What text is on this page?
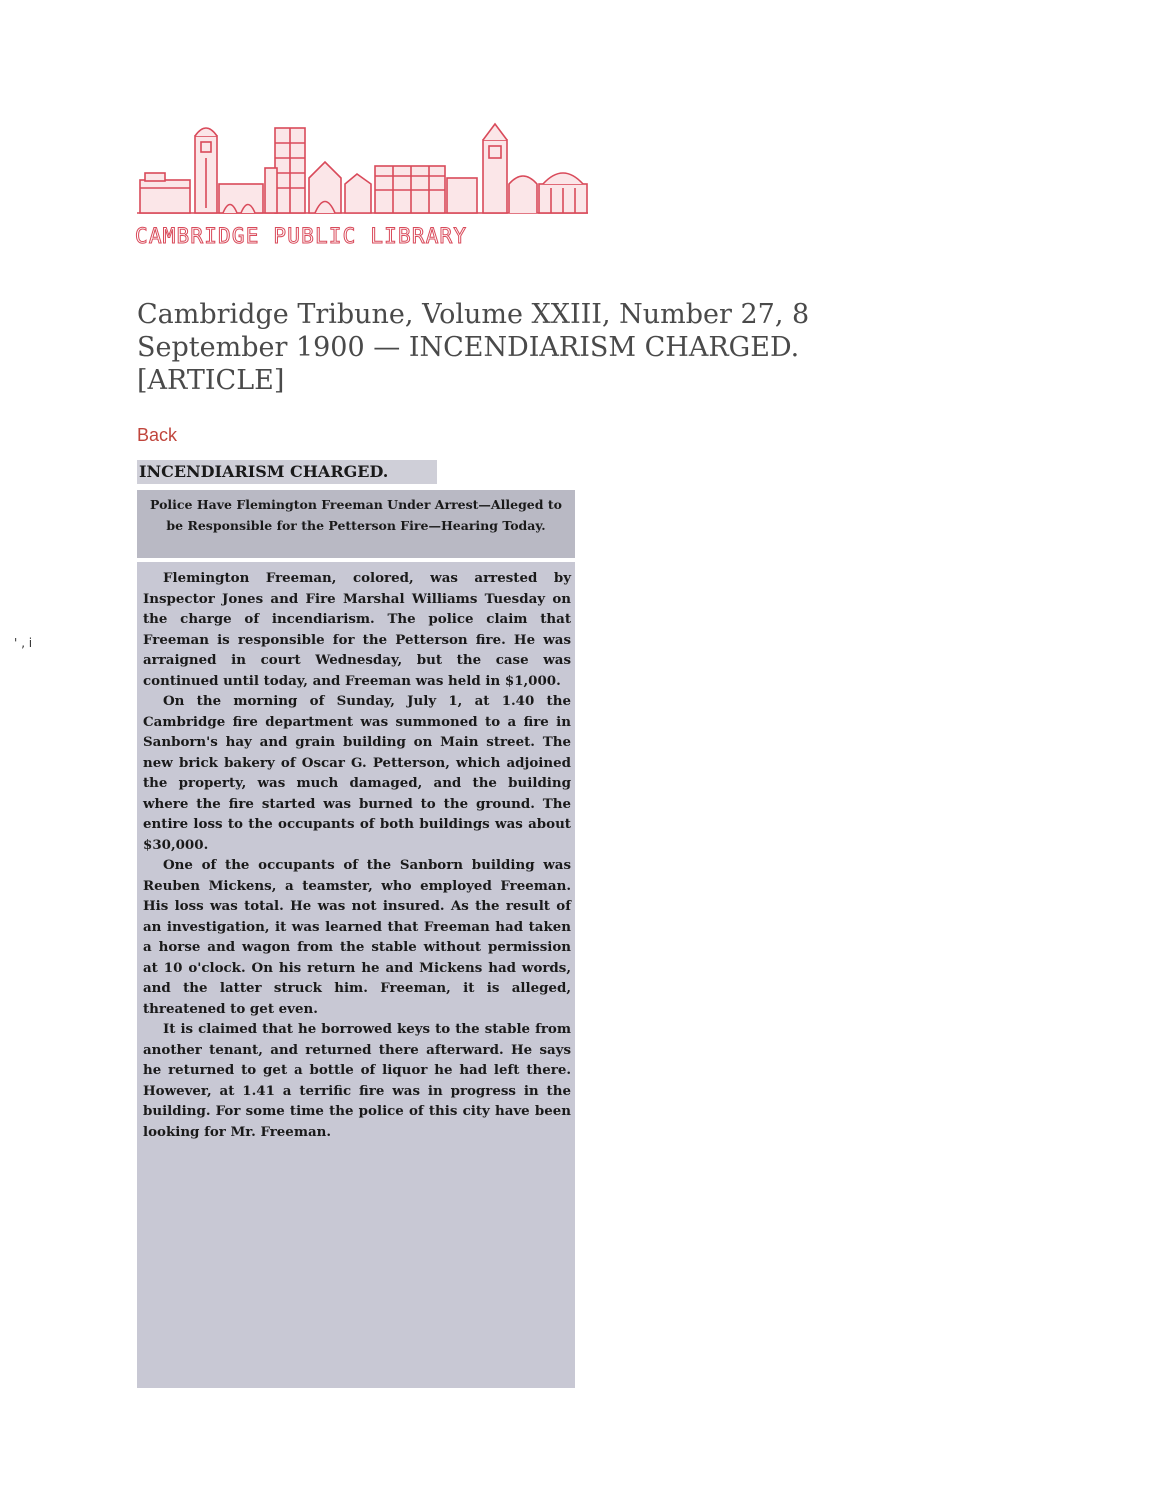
CAMBRIDGE PUBLIC LIBRARY
Cambridge Tribune, Volume XXIII, Number 27, 8 September 1900 — INCENDIARISM CHARGED. [ARTICLE]
Back
' ‚ i
INCENDIARISM CHARGED.
Police Have Flemington Freeman Under Arrest—Alleged to be Responsible for the Petterson Fire—Hearing Today.

Flemington Freeman, colored, was arrested by Inspector Jones and Fire Marshal Williams Tuesday on the charge of incendiarism. The police claim that Freeman is responsible for the Petterson fire. He was arraigned in court Wednesday, but the case was continued until today, and Freeman was held in $1,000.

On the morning of Sunday, July 1, at 1.40 the Cambridge fire department was summoned to a fire in Sanborn's hay and grain building on Main street. The new brick bakery of Oscar G. Petterson, which adjoined the property, was much damaged, and the building where the fire started was burned to the ground. The entire loss to the occupants of both buildings was about $30,000.

One of the occupants of the Sanborn building was Reuben Mickens, a teamster, who employed Freeman. His loss was total. He was not insured. As the result of an investigation, it was learned that Freeman had taken a horse and wagon from the stable without permission at 10 o'clock. On his return he and Mickens had words, and the latter struck him. Freeman, it is alleged, threatened to get even.

It is claimed that he borrowed keys to the stable from another tenant, and returned there afterward. He says he returned to get a bottle of liquor he had left there. However, at 1.41 a terrific fire was in progress in the building. For some time the police of this city have been looking for Mr. Freeman.
